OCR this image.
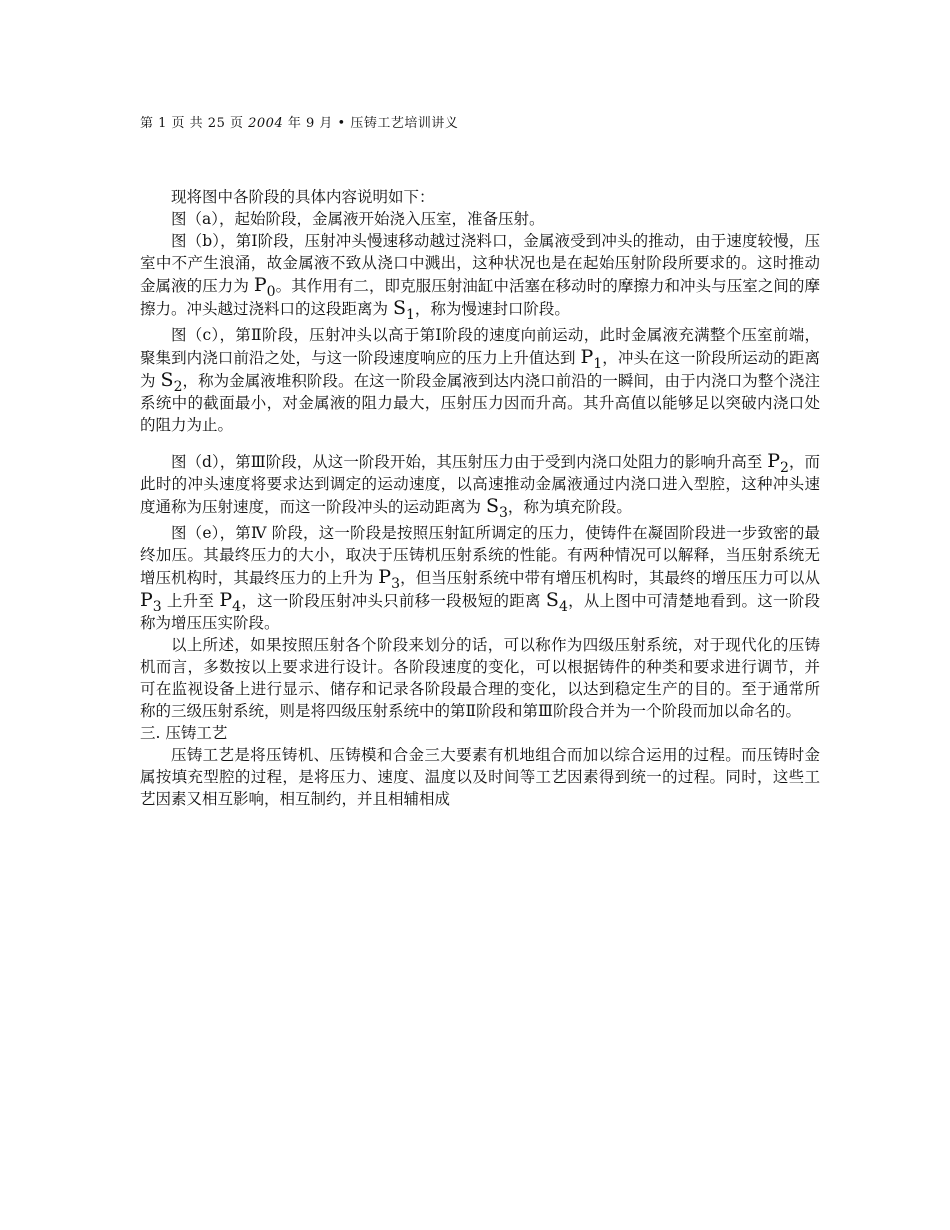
第 1 页 共 25 页 2004 年 9 月 • 压铸工艺培训讲义

现将图中各阶段的具体内容说明如下：

图（a），起始阶段，金属液开始浇入压室，准备压射。

图（b），第Ⅰ阶段，压射冲头慢速移动越过浇料口，金属液受到冲头的推动，由于速度较慢，压室中不产生浪涌，故金属液不致从浇口中溅出，这种状况也是在起始压射阶段所要求的。这时推动金属液的压力为 $P_0$。其作用有二，即克服压射油缸中活塞在移动时的摩擦力和冲头与压室之间的摩擦力。冲头越过浇料口的这段距离为 $S_1$，称为慢速封口阶段。

图（c），第Ⅱ阶段，压射冲头以高于第Ⅰ阶段的速度向前运动，此时金属液充满整个压室前端，聚集到内浇口前沿之处，与这一阶段速度响应的压力上升值达到 $P_1$，冲头在这一阶段所运动的距离为 $S_2$，称为金属液堆积阶段。在这一阶段金属液到达内浇口前沿的一瞬间，由于内浇口为整个浇注系统中的截面最小，对金属液的阻力最大，压射压力因而升高。其升高值以能够足以突破内浇口处的阻力为止。

图（d），第Ⅲ阶段，从这一阶段开始，其压射压力由于受到内浇口处阻力的影响升高至 $P_2$，而此时的冲头速度将要求达到调定的运动速度，以高速推动金属液通过内浇口进入型腔，这种冲头速度通称为压射速度，而这一阶段冲头的运动距离为 $S_3$，称为填充阶段。

图（e），第Ⅳ 阶段，这一阶段是按照压射缸所调定的压力，使铸件在凝固阶段进一步致密的最终加压。其最终压力的大小，取决于压铸机压射系统的性能。有两种情况可以解释，当压射系统无增压机构时，其最终压力的上升为 $P_3$，但当压射系统中带有增压机构时，其最终的增压压力可以从 $P_3$ 上升至 $P_4$，这一阶段压射冲头只前移一段极短的距离 $S_4$，从上图中可清楚地看到。这一阶段称为增压压实阶段。

以上所述，如果按照压射各个阶段来划分的话，可以称作为四级压射系统，对于现代化的压铸机而言，多数按以上要求进行设计。各阶段速度的变化，可以根据铸件的种类和要求进行调节，并可在监视设备上进行显示、储存和记录各阶段最合理的变化，以达到稳定生产的目的。至于通常所称的三级压射系统，则是将四级压射系统中的第Ⅱ阶段和第Ⅲ阶段合并为一个阶段而加以命名的。

三. 压铸工艺

压铸工艺是将压铸机、压铸模和合金三大要素有机地组合而加以综合运用的过程。而压铸时金属按填充型腔的过程，是将压力、速度、温度以及时间等工艺因素得到统一的过程。同时，这些工艺因素又相互影响，相互制约，并且相辅相成
